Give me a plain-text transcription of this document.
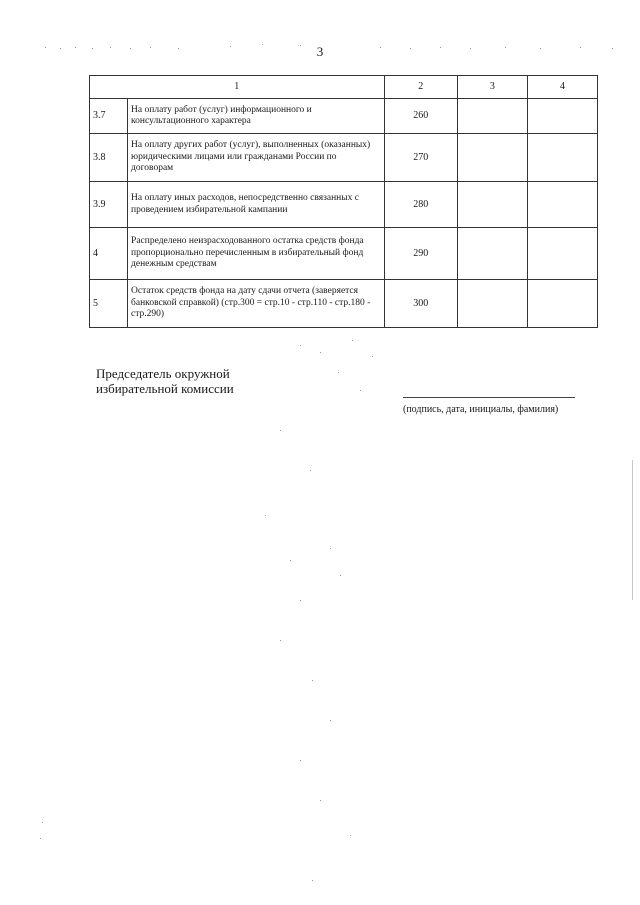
3
1		2	3	4
3.7	На оплату работ (услуг) информационного и консультационного характера	260		
3.8	На оплату других работ (услуг), выполненных (оказанных) юридическими лицами или гражданами России по договорам	270		
3.9	На оплату иных расходов, непосредственно связанных с проведением избирательной кампании	280		
4	Распределено неизрасходованного остатка средств фонда пропорционально перечисленным в избирательный фонд денежным средствам	290		
5	Остаток средств фонда на дату сдачи отчета (заверяется банковской справкой) (стр.300 = стр.10 - стр.110 - стр.180 - стр.290)	300		
Председатель окружной
избирательной комиссии
(подпись, дата, инициалы, фамилия)
